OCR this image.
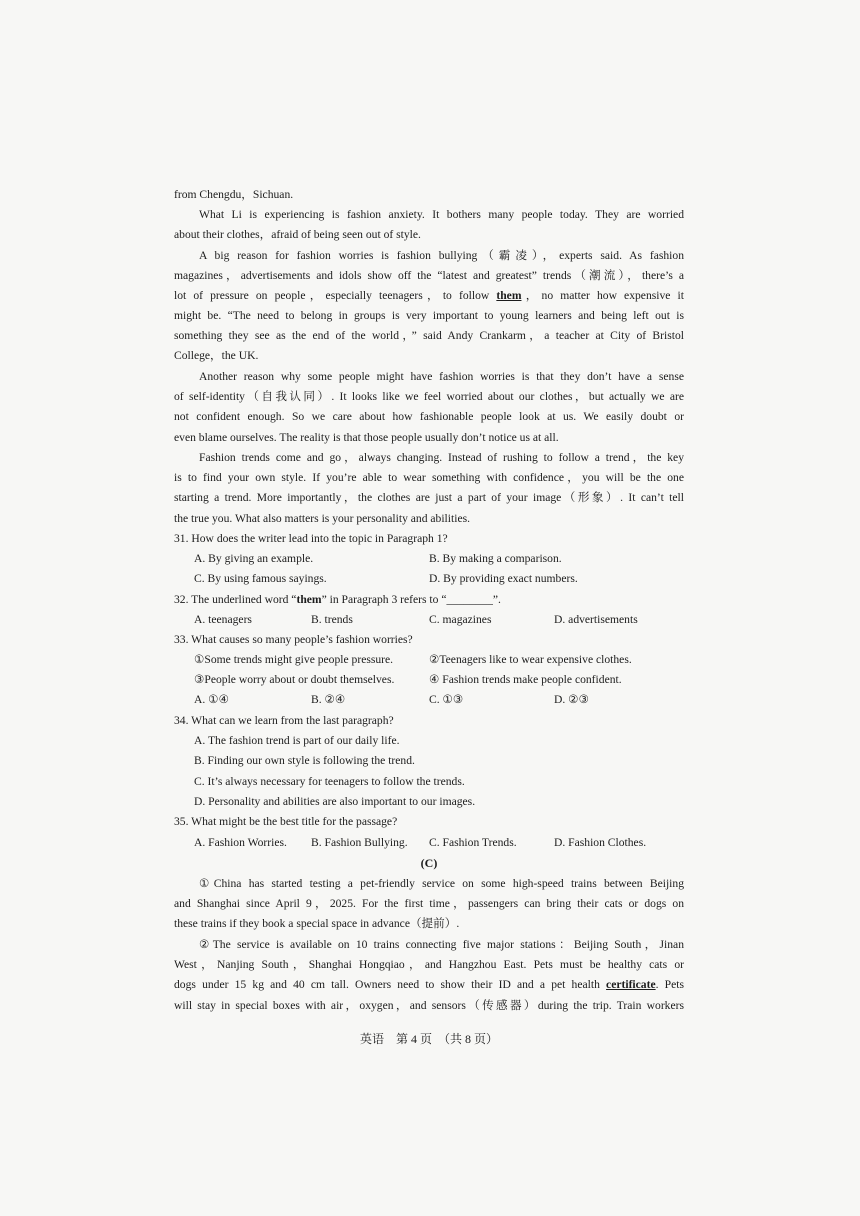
from Chengdu，Sichuan.
What Li is experiencing is fashion anxiety. It bothers many people today. They are worried
about their clothes，afraid of being seen out of style.
A big reason for fashion worries is fashion bullying（霸凌），experts said. As fashion
magazines，advertisements and idols show off the “latest and greatest” trends（潮流），there’s a
lot of pressure on people，especially teenagers，to follow them，no matter how expensive it
might be. “The need to belong in groups is very important to young learners and being left out is
something they see as the end of the world，” said Andy Crankarm，a teacher at City of Bristol
College，the UK.
Another reason why some people might have fashion worries is that they don’t have a sense
of self-identity（自我认同）. It looks like we feel worried about our clothes，but actually we are
not confident enough. So we care about how fashionable people look at us. We easily doubt or
even blame ourselves. The reality is that those people usually don’t notice us at all.
Fashion trends come and go，always changing. Instead of rushing to follow a trend，the key
is to find your own style. If you’re able to wear something with confidence，you will be the one
starting a trend. More importantly，the clothes are just a part of your image（形象）. It can’t tell
the true you. What also matters is your personality and abilities.
31. How does the writer lead into the topic in Paragraph 1?
A. By giving an example.	B. By making a comparison.
C. By using famous sayings.	D. By providing exact numbers.
32. The underlined word “them” in Paragraph 3 refers to “________”.
A. teenagers	B. trends	C. magazines	D. advertisements
33. What causes so many people’s fashion worries?
①Some trends might give people pressure.	②Teenagers like to wear expensive clothes.
③People worry about or doubt themselves.	④ Fashion trends make people confident.
A. ①④	B. ②④	C. ①③	D. ②③
34. What can we learn from the last paragraph?
A. The fashion trend is part of our daily life.
B. Finding our own style is following the trend.
C. It’s always necessary for teenagers to follow the trends.
D. Personality and abilities are also important to our images.
35. What might be the best title for the passage?
A. Fashion Worries. B. Fashion Bullying. C. Fashion Trends.	D. Fashion Clothes.
(C)
①China has started testing a pet-friendly service on some high-speed trains between Beijing
and Shanghai since April 9，2025. For the first time，passengers can bring their cats or dogs on
these trains if they book a special space in advance（提前）.
②The service is available on 10 trains connecting five major stations：Beijing South，Jinan
West，Nanjing South，Shanghai Hongqiao，and Hangzhou East. Pets must be healthy cats or
dogs under 15 kg and 40 cm tall. Owners need to show their ID and a pet health certificate. Pets
will stay in special boxes with air，oxygen，and sensors（传感器）during the trip. Train workers
英语　第 4 页　（共 8 页）
